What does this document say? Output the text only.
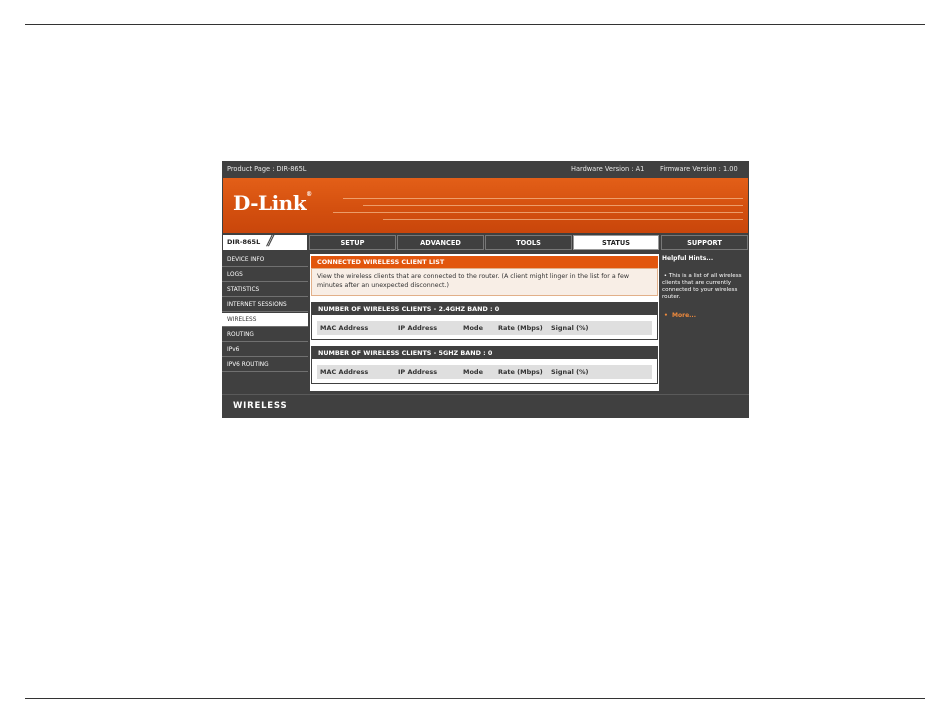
Product Page : DIR-865L	Hardware Version : A1 Firmware Version : 1.00
D-Link®
DIR-865L //	SETUP	ADVANCED	TOOLS	STATUS	SUPPORT
DEVICE INFO
LOGS
STATISTICS
INTERNET SESSIONS
WIRELESS
ROUTING
IPv6
IPV6 ROUTING
CONNECTED WIRELESS CLIENT LIST
View the wireless clients that are connected to the router. (A client might linger in the list for a few minutes after an unexpected disconnect.)
NUMBER OF WIRELESS CLIENTS - 2.4GHZ BAND : 0
MAC Address	IP Address	Mode Rate (Mbps) Signal (%)
NUMBER OF WIRELESS CLIENTS - 5GHZ BAND : 0
MAC Address	IP Address	Mode Rate (Mbps) Signal (%)
Helpful Hints...
• This is a list of all wireless clients that are currently connected to your wireless router.
•  More...
WIRELESS
